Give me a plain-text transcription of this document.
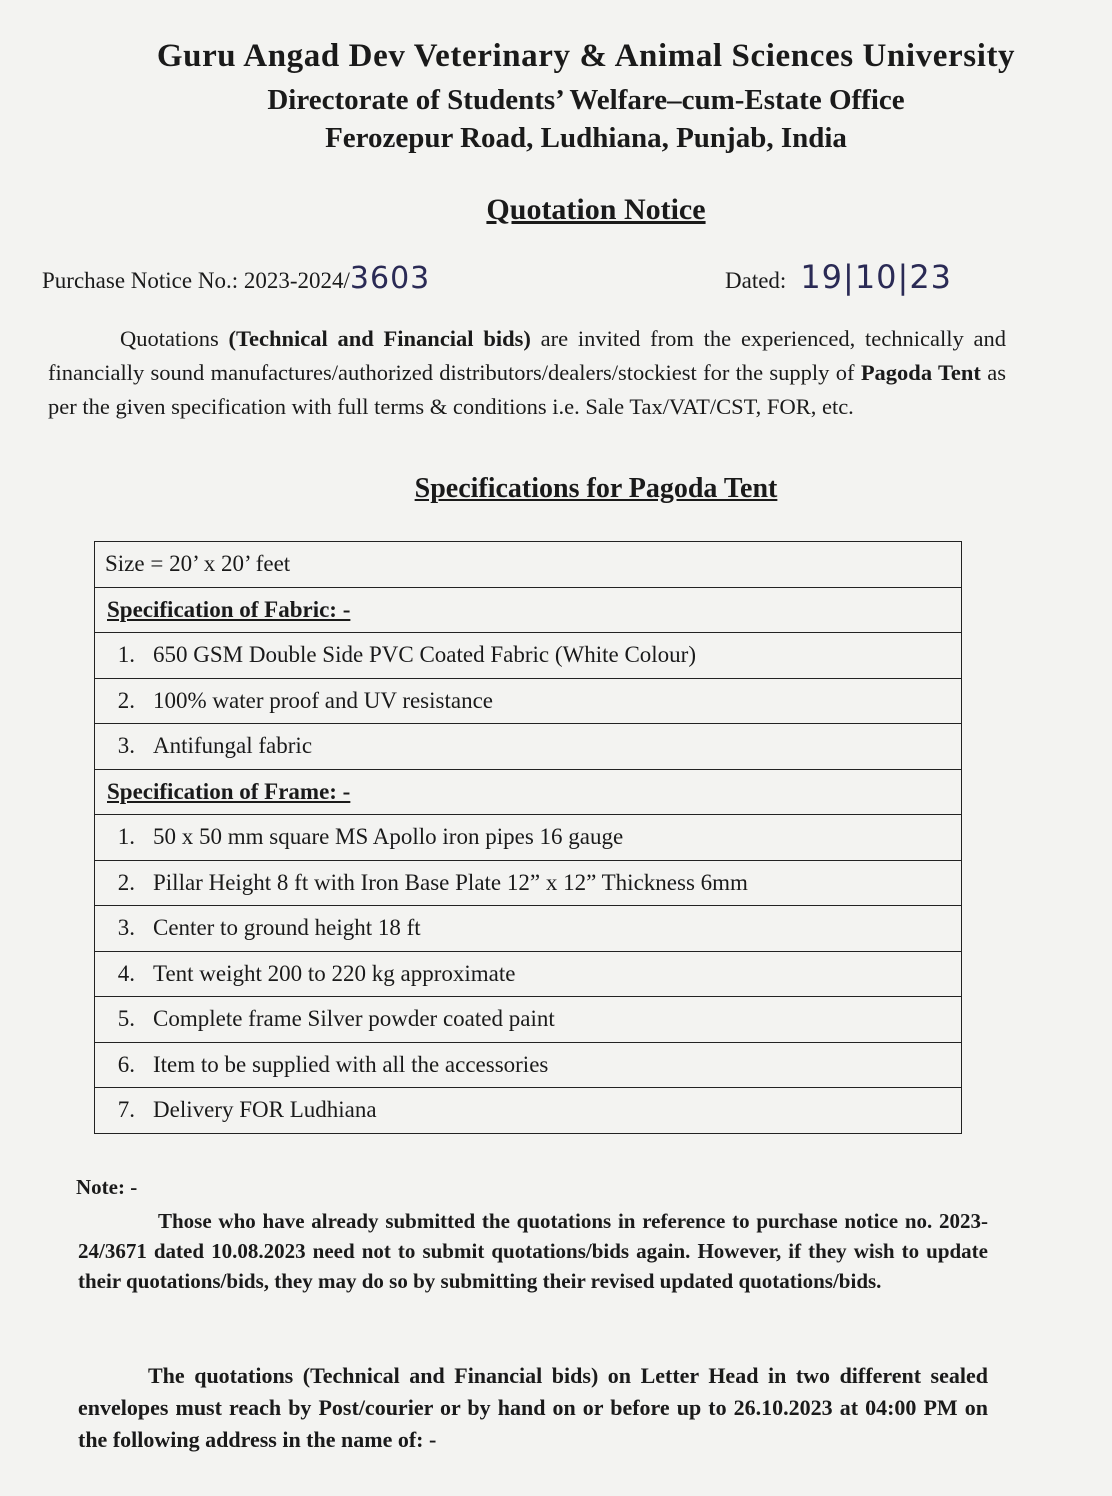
Guru Angad Dev Veterinary & Animal Sciences University
Directorate of Students’ Welfare–cum-Estate Office
Ferozepur Road, Ludhiana, Punjab, India
Quotation Notice
Purchase Notice No.: 2023-2024/3603	Dated: 19|10|23
Quotations (Technical and Financial bids) are invited from the experienced, technically and financially sound manufactures/authorized distributors/dealers/stockiest for the supply of Pagoda Tent as per the given specification with full terms & conditions i.e. Sale Tax/VAT/CST, FOR, etc.
Specifications for Pagoda Tent
Size = 20’ x 20’ feet
Specification of Fabric: -
1. 650 GSM Double Side PVC Coated Fabric (White Colour)
2. 100% water proof and UV resistance
3. Antifungal fabric
Specification of Frame: -
1. 50 x 50 mm square MS Apollo iron pipes 16 gauge
2. Pillar Height 8 ft with Iron Base Plate 12” x 12” Thickness 6mm
3. Center to ground height 18 ft
4. Tent weight 200 to 220 kg approximate
5. Complete frame Silver powder coated paint
6. Item to be supplied with all the accessories
7. Delivery FOR Ludhiana
Note: -

Those who have already submitted the quotations in reference to purchase notice no. 2023-24/3671 dated 10.08.2023 need not to submit quotations/bids again. However, if they wish to update their quotations/bids, they may do so by submitting their revised updated quotations/bids.

The quotations (Technical and Financial bids) on Letter Head in two different sealed envelopes must reach by Post/courier or by hand on or before up to 26.10.2023 at 04:00 PM on the following address in the name of: -
